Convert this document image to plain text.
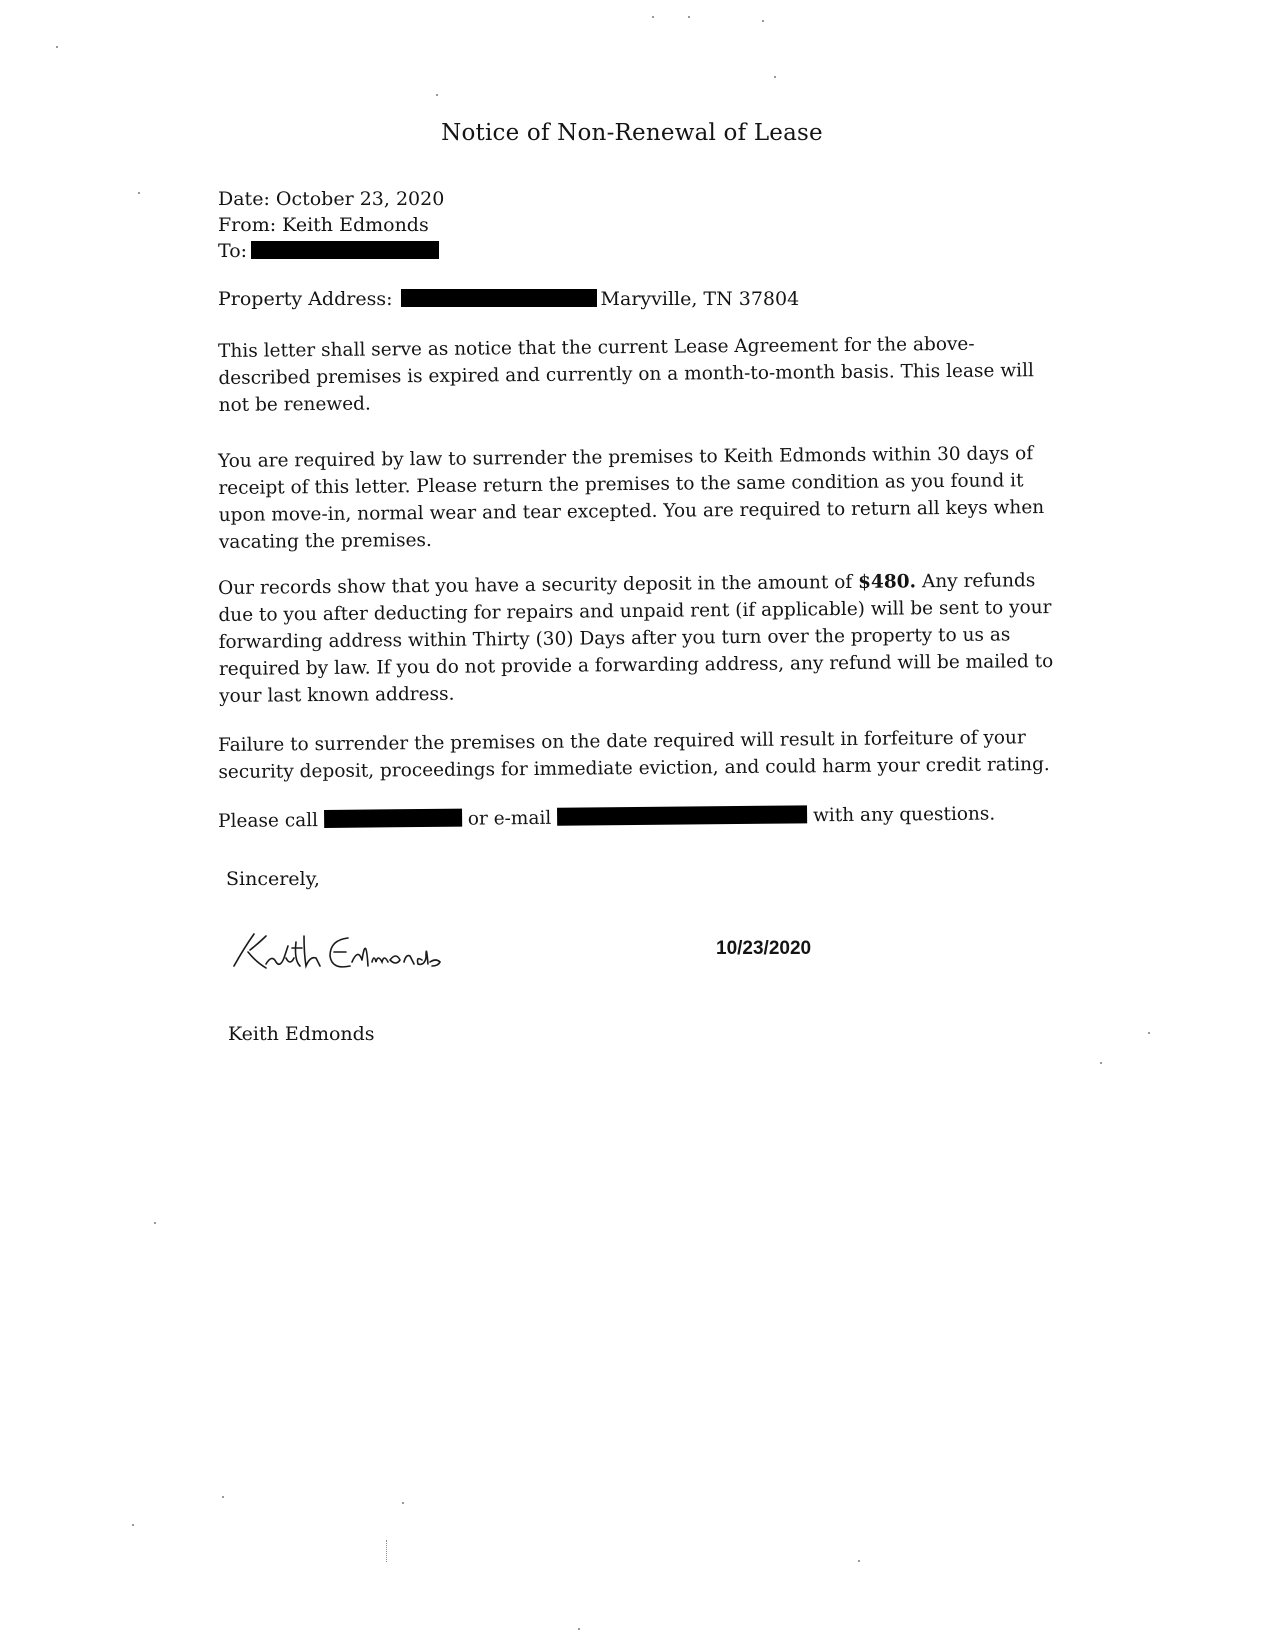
Notice of Non-Renewal of Lease
Date: October 23, 2020
From: Keith Edmonds
To:
Property Address:	Maryville, TN 37804
This letter shall serve as notice that the current Lease Agreement for the above-described premises is expired and currently on a month-to-month basis. This lease will not be renewed.
You are required by law to surrender the premises to Keith Edmonds within 30 days of receipt of this letter. Please return the premises to the same condition as you found it upon move-in, normal wear and tear excepted. You are required to return all keys when vacating the premises.
Our records show that you have a security deposit in the amount of $480. Any refunds due to you after deducting for repairs and unpaid rent (if applicable) will be sent to your forwarding address within Thirty (30) Days after you turn over the property to us as required by law. If you do not provide a forwarding address, any refund will be mailed to your last known address.
Failure to surrender the premises on the date required will result in forfeiture of your security deposit, proceedings for immediate eviction, and could harm your credit rating.
Please call	or e-mail	with any questions.
Sincerely,
10/23/2020
Keith Edmonds
